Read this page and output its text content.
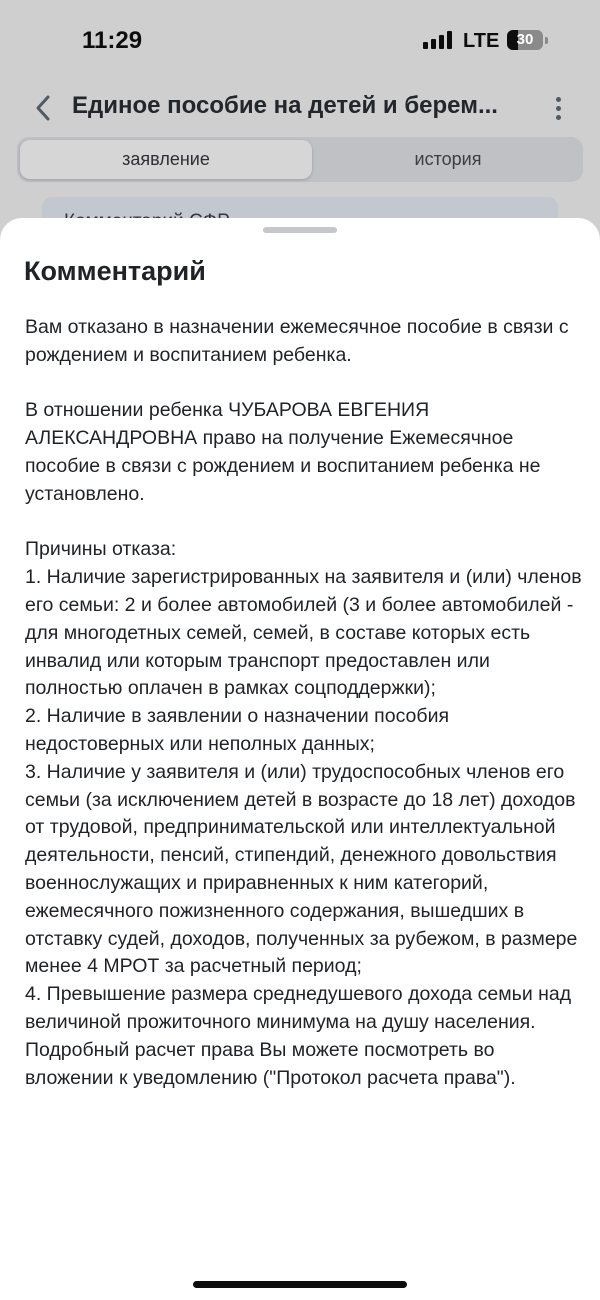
11:29	LTE	30
Единое пособие на детей и берем...
заявление	история
Комментарий

Вам отказано в назначении ежемесячное пособие в связи с рождением и воспитанием ребенка.

В отношении ребенка ЧУБАРОВА ЕВГЕНИЯ АЛЕКСАНДРОВНА право на получение Ежемесячное пособие в связи с рождением и воспитанием ребенка не установлено.

Причины отказа:

1. Наличие зарегистрированных на заявителя и (или) членов его семьи: 2 и более автомобилей (3 и более автомобилей - для многодетных семей, семей, в составе которых есть инвалид или которым транспорт предоставлен или полностью оплачен в рамках соцподдержки);

2. Наличие в заявлении о назначении пособия недостоверных или неполных данных;

3. Наличие у заявителя и (или) трудоспособных членов его семьи (за исключением детей в возрасте до 18 лет) доходов от трудовой, предпринимательской или интеллектуальной деятельности, пенсий, стипендий, денежного довольствия военнослужащих и приравненных к ним категорий, ежемесячного пожизненного содержания, вышедших в отставку судей, доходов, полученных за рубежом, в размере менее 4 МРОТ за расчетный период;

4. Превышение размера среднедушевого дохода семьи над величиной прожиточного минимума на душу населения.

Подробный расчет права Вы можете посмотреть во вложении к уведомлению ("Протокол расчета права").
